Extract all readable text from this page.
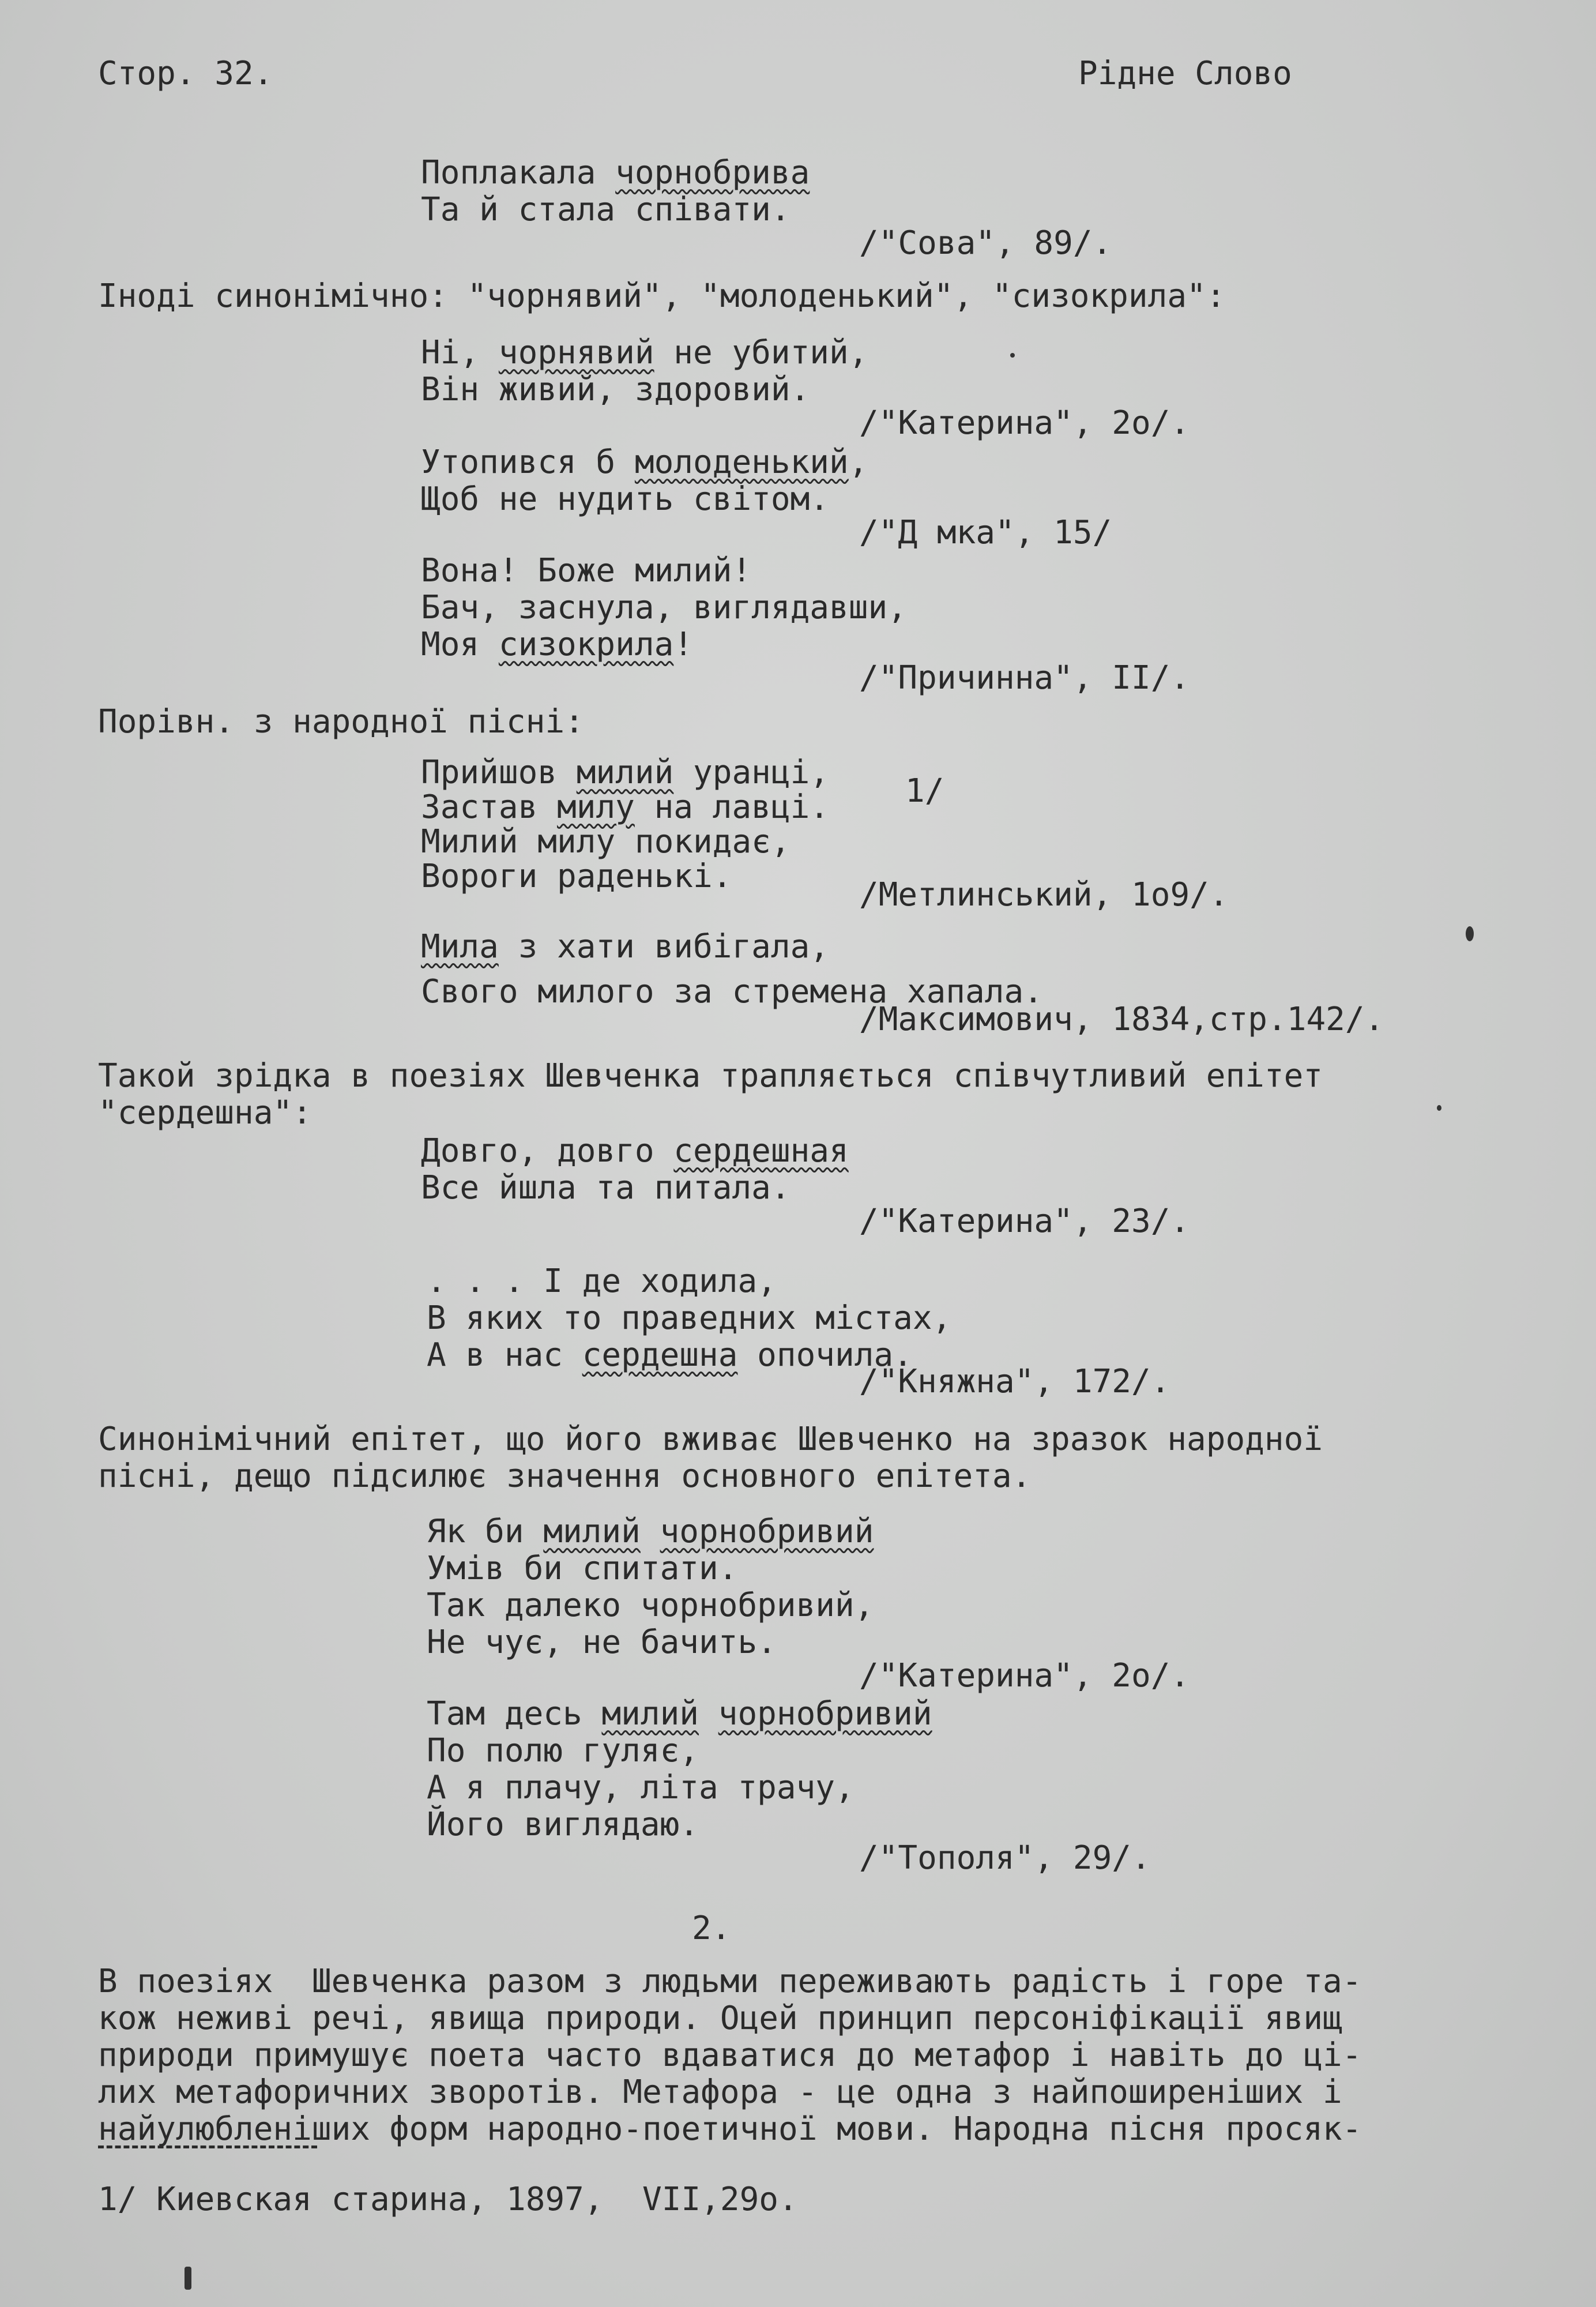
Стор. 32.	Рідне Слово
Поплакала чорнобрива
Та й стала співати.
/"Сова", 89/.
Іноді синонімічно: "чорнявий", "молоденький", "сизокрила":
Ні, чорнявий не убитий,
Він живий, здоровий.
/"Катерина", 2о/.
Утопився б молоденький,
Щоб не нудить світом.
/"Д мка", 15/
Вона! Боже милий!
Бач, заснула, виглядавши,
Моя сизокрила!
/"Причинна", ІІ/.
Порівн. з народної пісні:
Прийшов милий уранці,
Застав милу на лавці. 1/
Милий милу покидає,
Вороги раденькі.	/Метлинський, 1о9/.
Мила з хати вибігала,
Свого милого за стремена хапала.
/Максимович, 1834,стр.142/.
Такой зрідка в поезіях Шевченка трапляється співчутливий епітет
"сердешна":
Довго, довго сердешная
Все йшла та питала.
/"Катерина", 23/.
. . . І де ходила,
В яких то праведних містах,
А в нас сердешна опочила.
/"Княжна", 172/.
Синонімічний епітет, що його вживає Шевченко на зразок народної
пісні, дещо підсилює значення основного епітета.
Як би милий чорнобривий
Умів би спитати.
Так далеко чорнобривий,
Не чує, не бачить.
/"Катерина", 2о/.
Там десь милий чорнобривий
По полю гуляє,
А я плачу, літа трачу,
Його виглядаю.
/"Тополя", 29/.
2.
В поезіях  Шевченка разом з людьми переживають радість і горе та-
кож неживі речі, явища природи. Оцей принцип персоніфікації явищ
природи примушує поета часто вдаватися до метафор і навіть до ці-
лих метафоричних зворотів. Метафора - це одна з найпоширеніших і
найулюбленіших форм народно-поетичної мови. Народна пісня просяк-
1/ Киевская старина, 1897,  VII,29о.
